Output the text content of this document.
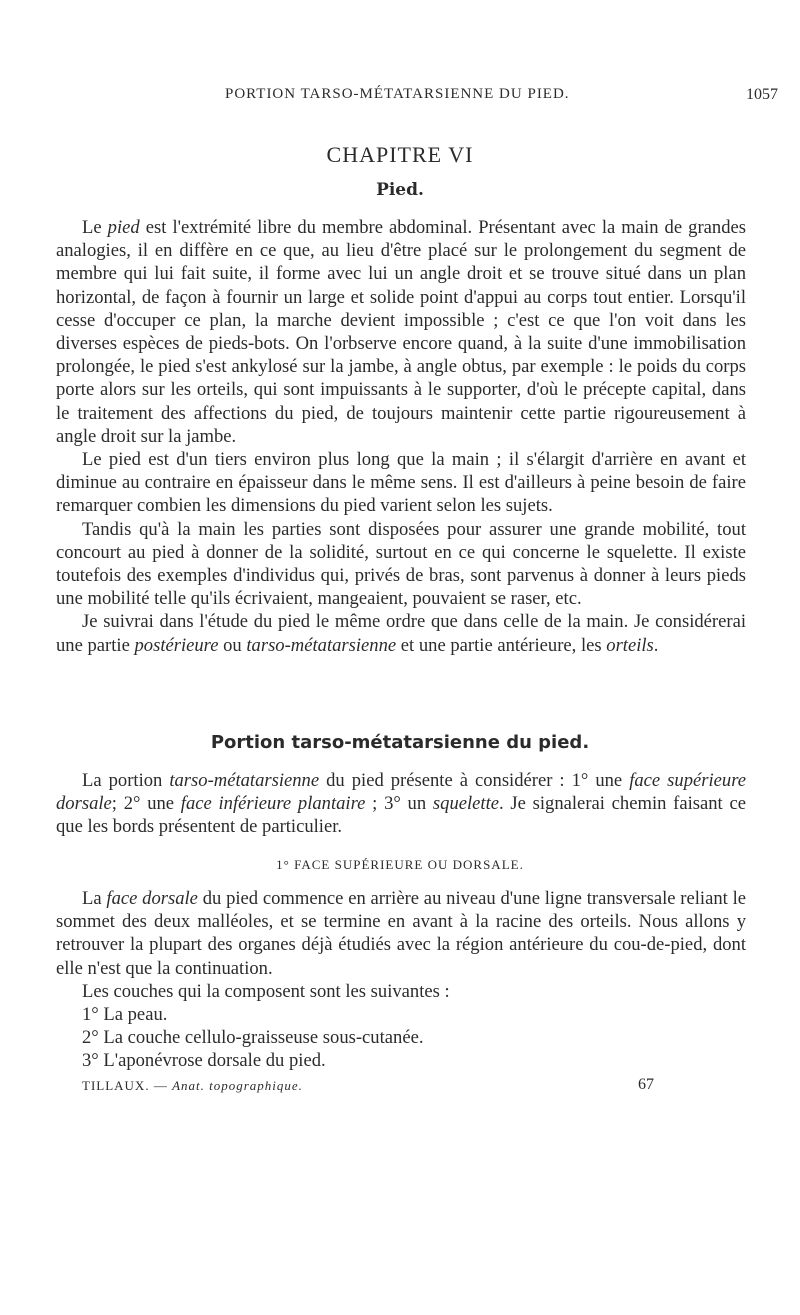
PORTION TARSO-MÉTATARSIENNE DU PIED.	1057
CHAPITRE VI
Pied.

Le pied est l'extrémité libre du membre abdominal. Présentant avec la main de grandes analogies, il en diffère en ce que, au lieu d'être placé sur le prolongement du segment de membre qui lui fait suite, il forme avec lui un angle droit et se trouve situé dans un plan horizontal, de façon à fournir un large et solide point d'appui au corps tout entier. Lorsqu'il cesse d'occuper ce plan, la marche devient impossible ; c'est ce que l'on voit dans les diverses espèces de pieds-bots. On l'orbserve encore quand, à la suite d'une immobilisation prolongée, le pied s'est ankylosé sur la jambe, à angle obtus, par exemple : le poids du corps porte alors sur les orteils, qui sont impuissants à le supporter, d'où le précepte capital, dans le traitement des affections du pied, de toujours maintenir cette partie rigoureusement à angle droit sur la jambe.

Le pied est d'un tiers environ plus long que la main ; il s'élargit d'arrière en avant et diminue au contraire en épaisseur dans le même sens. Il est d'ailleurs à peine besoin de faire remarquer combien les dimensions du pied varient selon les sujets.

Tandis qu'à la main les parties sont disposées pour assurer une grande mobilité, tout concourt au pied à donner de la solidité, surtout en ce qui concerne le squelette. Il existe toutefois des exemples d'individus qui, privés de bras, sont parvenus à donner à leurs pieds une mobilité telle qu'ils écrivaient, mangeaient, pouvaient se raser, etc.

Je suivrai dans l'étude du pied le même ordre que dans celle de la main. Je considérerai une partie postérieure ou tarso-métatarsienne et une partie antérieure, les orteils.

Portion tarso-métatarsienne du pied.

La portion tarso-métatarsienne du pied présente à considérer : 1° une face supérieure dorsale; 2° une face inférieure plantaire ; 3° un squelette. Je signalerai chemin faisant ce que les bords présentent de particulier.

1° FACE SUPÉRIEURE OU DORSALE.

La face dorsale du pied commence en arrière au niveau d'une ligne transversale reliant le sommet des deux malléoles, et se termine en avant à la racine des orteils. Nous allons y retrouver la plupart des organes déjà étudiés avec la région antérieure du cou-de-pied, dont elle n'est que la continuation.

Les couches qui la composent sont les suivantes :

1° La peau.

2° La couche cellulo-graisseuse sous-cutanée.

3° L'aponévrose dorsale du pied.

TILLAUX. — Anat. topographique.	67
